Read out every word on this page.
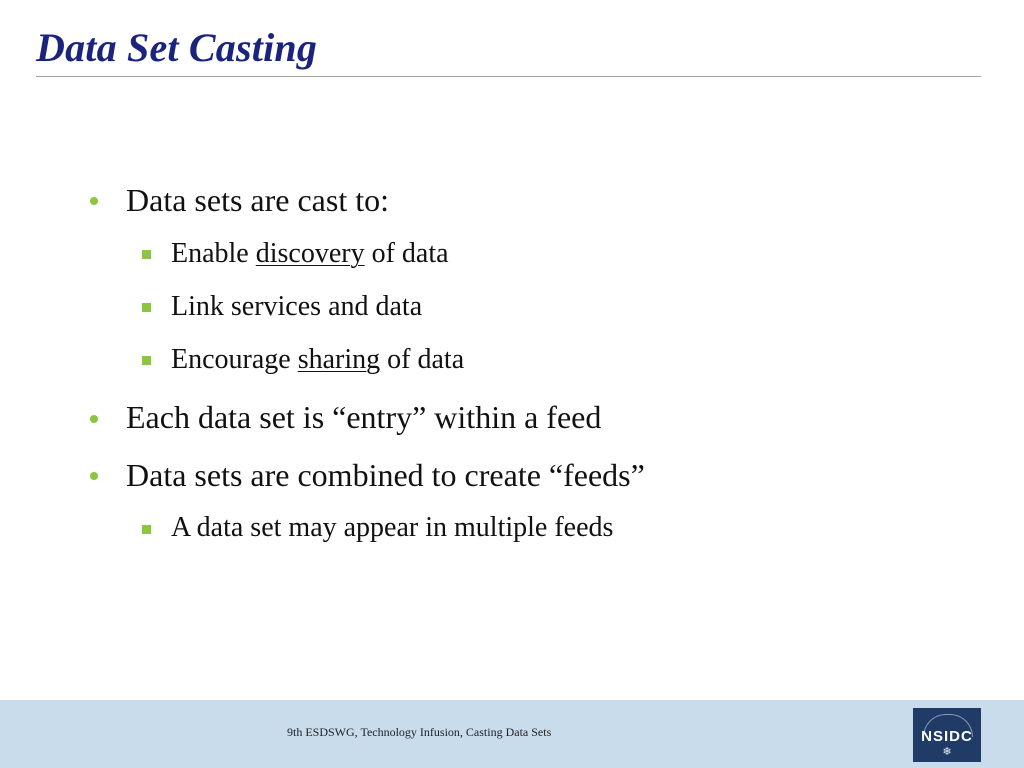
Data Set Casting
Data sets are cast to:
Enable discovery of data
Link services and data
Encourage sharing of data
Each data set is “entry” within a feed
Data sets are combined to create “feeds”
A data set may appear in multiple feeds
9th ESDSWG, Technology Infusion, Casting Data Sets	NSIDC
❄
